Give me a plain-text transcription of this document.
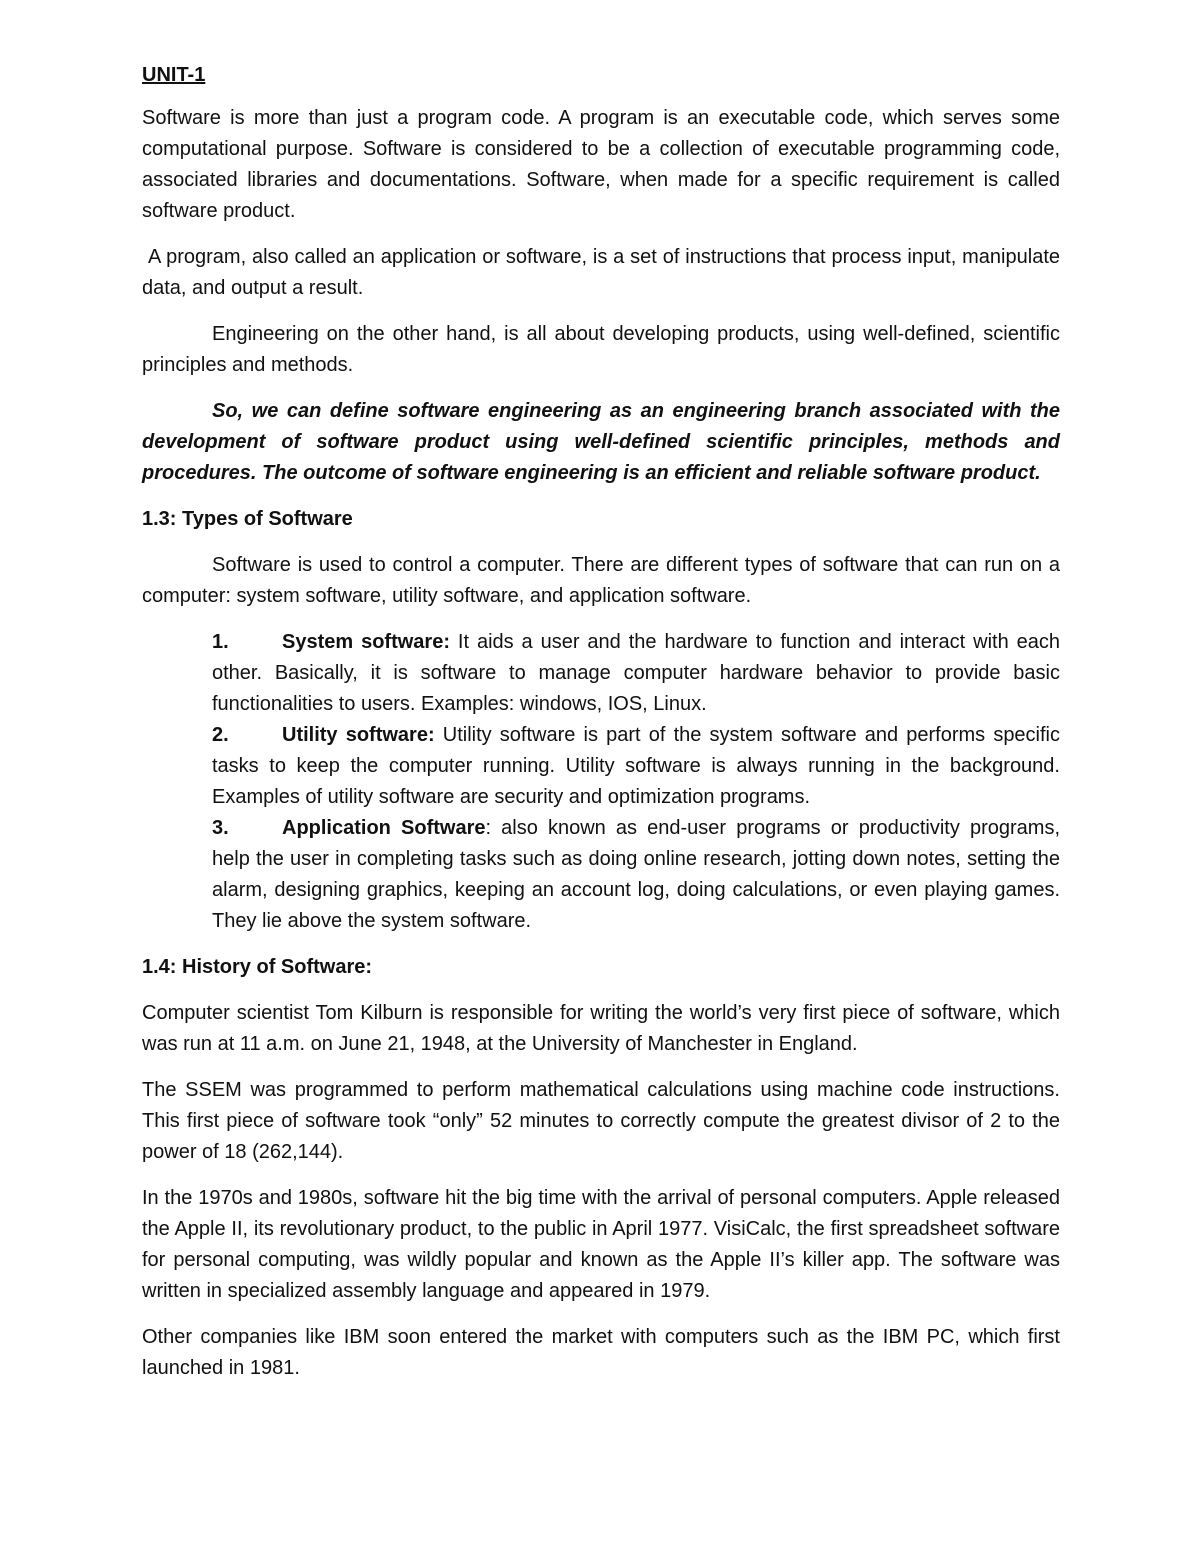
UNIT-1

Software is more than just a program code. A program is an executable code, which serves some computational purpose. Software is considered to be a collection of executable programming code, associated libraries and documentations. Software, when made for a specific requirement is called software product.

A program, also called an application or software, is a set of instructions that process input, manipulate data, and output a result.

Engineering on the other hand, is all about developing products, using well-defined, scientific principles and methods.

So, we can define software engineering as an engineering branch associated with the development of software product using well-defined scientific principles, methods and procedures. The outcome of software engineering is an efficient and reliable software product.

1.3: Types of Software

Software is used to control a computer. There are different types of software that can run on a computer: system software, utility software, and application software.

1.	System software: It aids a user and the hardware to function and interact with each other. Basically, it is software to manage computer hardware behavior to provide basic functionalities to users. Examples: windows, IOS, Linux.
2.	Utility software: Utility software is part of the system software and performs specific tasks to keep the computer running. Utility software is always running in the background. Examples of utility software are security and optimization programs.
3.	Application Software: also known as end-user programs or productivity programs, help the user in completing tasks such as doing online research, jotting down notes, setting the alarm, designing graphics, keeping an account log, doing calculations, or even playing games. They lie above the system software.
1.4: History of Software:

Computer scientist Tom Kilburn is responsible for writing the world’s very first piece of software, which was run at 11 a.m. on June 21, 1948, at the University of Manchester in England.

The SSEM was programmed to perform mathematical calculations using machine code instructions. This first piece of software took “only” 52 minutes to correctly compute the greatest divisor of 2 to the power of 18 (262,144).

In the 1970s and 1980s, software hit the big time with the arrival of personal computers. Apple released the Apple II, its revolutionary product, to the public in April 1977. VisiCalc, the first spreadsheet software for personal computing, was wildly popular and known as the Apple II’s killer app. The software was written in specialized assembly language and appeared in 1979.

Other companies like IBM soon entered the market with computers such as the IBM PC, which first launched in 1981.
